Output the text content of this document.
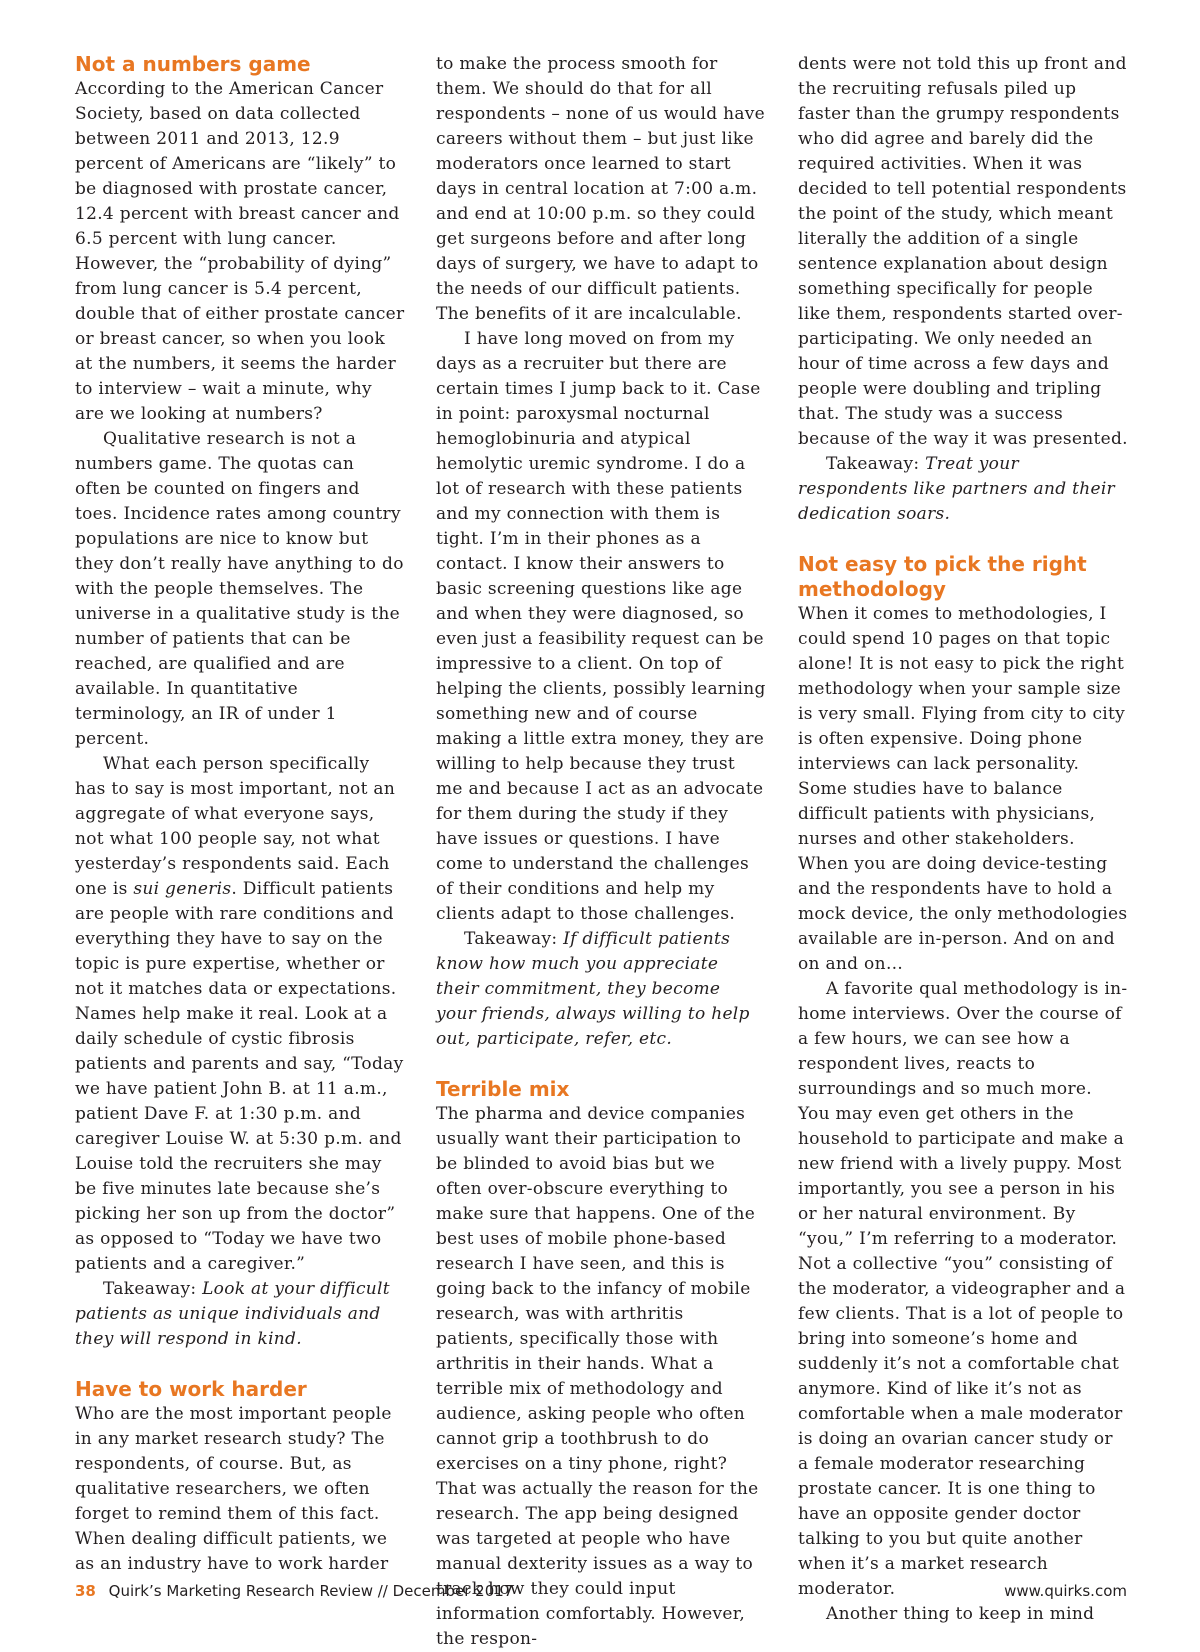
Not a numbers game

According to the American Cancer Society, based on data collected between 2011 and 2013, 12.9 percent of Americans are “likely” to be diagnosed with prostate cancer, 12.4 percent with breast cancer and 6.5 percent with lung cancer. However, the “probability of dying” from lung cancer is 5.4 percent, double that of either prostate cancer or breast cancer, so when you look at the numbers, it seems the harder to interview – wait a minute, why are we looking at numbers?

Qualitative research is not a numbers game. The quotas can often be counted on fingers and toes. Incidence rates among country populations are nice to know but they don’t really have anything to do with the people themselves. The universe in a qualitative study is the number of patients that can be reached, are qualified and are available. In quantitative terminology, an IR of under 1 percent.

What each person specifically has to say is most important, not an aggregate of what everyone says, not what 100 people say, not what yesterday’s respondents said. Each one is sui generis. Difficult patients are people with rare conditions and everything they have to say on the topic is pure expertise, whether or not it matches data or expectations. Names help make it real. Look at a daily schedule of cystic fibrosis patients and parents and say, “Today we have patient John B. at 11 a.m., patient Dave F. at 1:30 p.m. and caregiver Louise W. at 5:30 p.m. and Louise told the recruiters she may be five minutes late because she’s picking her son up from the doctor” as opposed to “Today we have two patients and a caregiver.”

Takeaway: Look at your difficult patients as unique individuals and they will respond in kind.

Have to work harder

Who are the most important people in any market research study? The respondents, of course. But, as qualitative researchers, we often forget to remind them of this fact. When dealing difficult patients, we as an industry have to work harder

to make the process smooth for them. We should do that for all respondents – none of us would have careers without them – but just like moderators once learned to start days in central location at 7:00 a.m. and end at 10:00 p.m. so they could get surgeons before and after long days of surgery, we have to adapt to the needs of our difficult patients. The benefits of it are incalculable.

I have long moved on from my days as a recruiter but there are certain times I jump back to it. Case in point: paroxysmal nocturnal hemoglobinuria and atypical hemolytic uremic syndrome. I do a lot of research with these patients and my connection with them is tight. I’m in their phones as a contact. I know their answers to basic screening questions like age and when they were diagnosed, so even just a feasibility request can be impressive to a client. On top of helping the clients, possibly learning something new and of course making a little extra money, they are willing to help because they trust me and because I act as an advocate for them during the study if they have issues or questions. I have come to understand the challenges of their conditions and help my clients adapt to those challenges.

Takeaway: If difficult patients know how much you appreciate their commitment, they become your friends, always willing to help out, participate, refer, etc.

Terrible mix

The pharma and device companies usually want their participation to be blinded to avoid bias but we often over-obscure everything to make sure that happens. One of the best uses of mobile phone-based research I have seen, and this is going back to the infancy of mobile research, was with arthritis patients, specifically those with arthritis in their hands. What a terrible mix of methodology and audience, asking people who often cannot grip a toothbrush to do exercises on a tiny phone, right? That was actually the reason for the research. The app being designed was targeted at people who have manual dexterity issues as a way to track how they could input information comfortably. However, the respon-

dents were not told this up front and the recruiting refusals piled up faster than the grumpy respondents who did agree and barely did the required activities. When it was decided to tell potential respondents the point of the study, which meant literally the addition of a single sentence explanation about design something specifically for people like them, respondents started over-participating. We only needed an hour of time across a few days and people were doubling and tripling that. The study was a success because of the way it was presented.

Takeaway: Treat your respondents like partners and their dedication soars.

Not easy to pick the right methodology

When it comes to methodologies, I could spend 10 pages on that topic alone! It is not easy to pick the right methodology when your sample size is very small. Flying from city to city is often expensive. Doing phone interviews can lack personality. Some studies have to balance difficult patients with physicians, nurses and other stakeholders. When you are doing device-testing and the respondents have to hold a mock device, the only methodologies available are in-person. And on and on and on…

A favorite qual methodology is in-home interviews. Over the course of a few hours, we can see how a respondent lives, reacts to surroundings and so much more. You may even get others in the household to participate and make a new friend with a lively puppy. Most importantly, you see a person in his or her natural environment. By “you,” I’m referring to a moderator. Not a collective “you” consisting of the moderator, a videographer and a few clients. That is a lot of people to bring into someone’s home and suddenly it’s not a comfortable chat anymore. Kind of like it’s not as comfortable when a male moderator is doing an ovarian cancer study or a female moderator researching prostate cancer. It is one thing to have an opposite gender doctor talking to you but quite another when it’s a market research moderator.

Another thing to keep in mind

38 Quirk’s Marketing Research Review // December 2017	www.quirks.com
